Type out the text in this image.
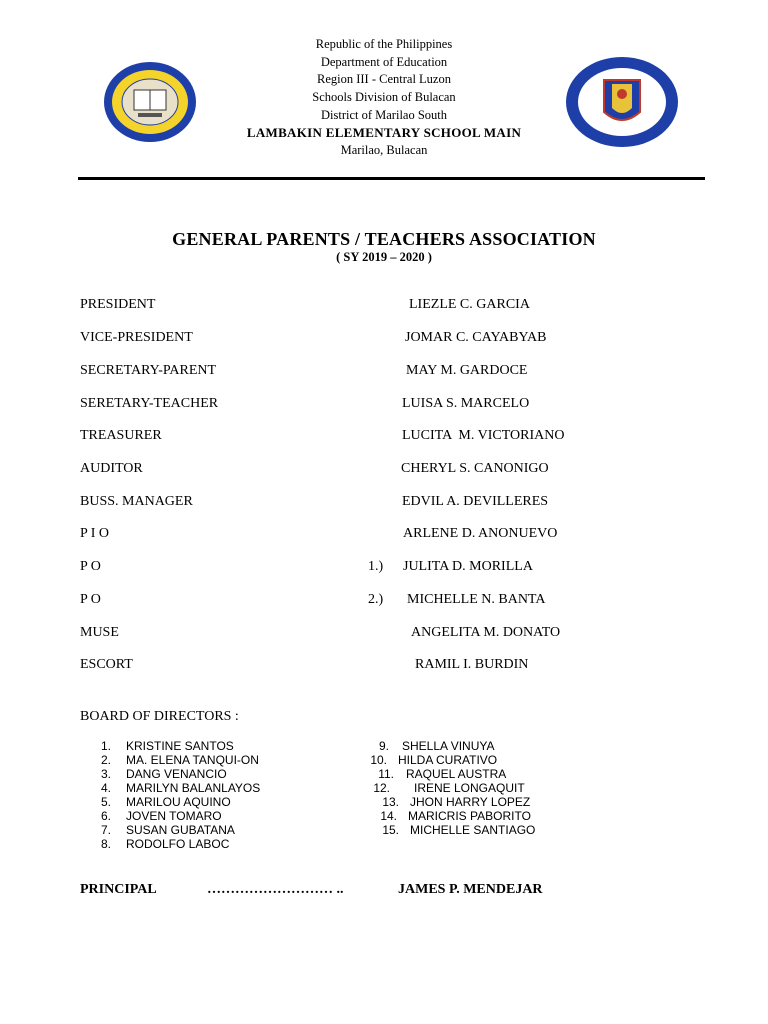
Republic of the Philippines
Department of Education
Region III - Central Luzon
Schools Division of Bulacan
District of Marilao South
LAMBAKIN ELEMENTARY SCHOOL MAIN
Marilao, Bulacan
GENERAL PARENTS / TEACHERS ASSOCIATION
( SY 2019 – 2020 )
PRESIDENT	LIEZLE C. GARCIA
VICE-PRESIDENT	JOMAR C. CAYABYAB
SECRETARY-PARENT	MAY M. GARDOCE
SERETARY-TEACHER	LUISA S. MARCELO
TREASURER	LUCITA  M. VICTORIANO
AUDITOR	CHERYL S. CANONIGO
BUSS. MANAGER	EDVIL A. DEVILLERES
P I O	ARLENE D. ANONUEVO
P O	1.) JULITA D. MORILLA
P O	2.) MICHELLE N. BANTA
MUSE	ANGELITA M. DONATO
ESCORT	RAMIL I. BURDIN
BOARD OF DIRECTORS :
1. KRISTINE SANTOS
2. MA. ELENA TANQUI-ON
3. DANG VENANCIO
4. MARILYN BALANLAYOS
5. MARILOU AQUINO
6. JOVEN TOMARO
7. SUSAN GUBATANA
8. RODOLFO LABOC
9. SHELLA VINUYA
10. HILDA CURATIVO
11. RAQUEL AUSTRA
12. IRENE LONGAQUIT
13. JHON HARRY LOPEZ
14. MARICRIS PABORITO
15. MICHELLE SANTIAGO
PRINCIPAL	……………………… ..	JAMES P. MENDEJAR
